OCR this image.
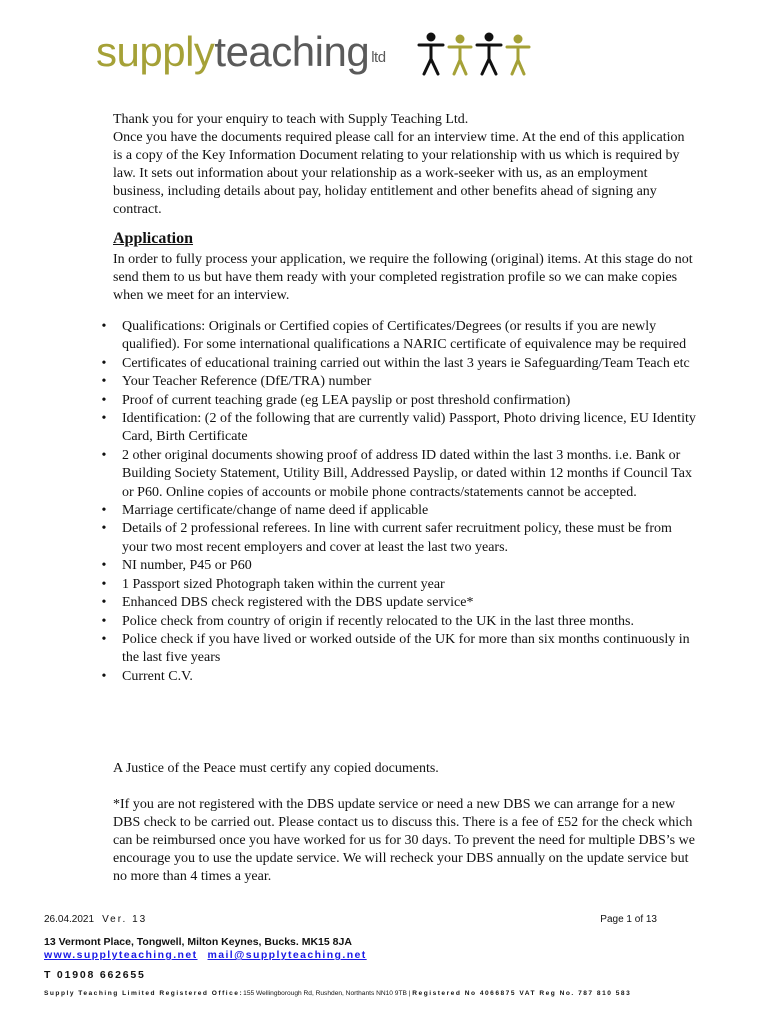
supplyteaching $^{ltd}$

Thank you for your enquiry to teach with Supply Teaching Ltd.

Once you have the documents required please call for an interview time. At the end of this application is a copy of the Key Information Document relating to your relationship with us which is required by law. It sets out information about your relationship as a work-seeker with us, as an employment business, including details about pay, holiday entitlement and other benefits ahead of signing any contract.

Application
In order to fully process your application, we require the following (original) items. At this stage do not send them to us but have them ready with your completed registration profile so we can make copies when we meet for an interview.
• Qualifications: Originals or Certified copies of Certificates/Degrees (or results if you are newly qualified). For some international qualifications a NARIC certificate of equivalence may be required
• Certificates of educational training carried out within the last 3 years ie Safeguarding/Team Teach etc
• Your Teacher Reference (DfE/TRA) number
• Proof of current teaching grade (eg LEA payslip or post threshold confirmation)
• Identification: (2 of the following that are currently valid) Passport, Photo driving licence, EU Identity Card, Birth Certificate
• 2 other original documents showing proof of address ID dated within the last 3 months. i.e. Bank or Building Society Statement, Utility Bill, Addressed Payslip, or dated within 12 months if Council Tax or P60. Online copies of accounts or mobile phone contracts/statements cannot be accepted.
• Marriage certificate/change of name deed if applicable
• Details of 2 professional referees. In line with current safer recruitment policy, these must be from your two most recent employers and cover at least the last two years.
• NI number, P45 or P60
• 1 Passport sized Photograph taken within the current year
• Enhanced DBS check registered with the DBS update service*
• Police check from country of origin if recently relocated to the UK in the last three months.
• Police check if you have lived or worked outside of the UK for more than six months continuously in the last five years
• Current C.V.
A Justice of the Peace must certify any copied documents.
*If you are not registered with the DBS update service or need a new DBS we can arrange for a new DBS check to be carried out. Please contact us to discuss this. There is a fee of £52 for the check which can be reimbursed once you have worked for us for 30 days. To prevent the need for multiple DBS’s we encourage you to use the update service. We will recheck your DBS annually on the update service but no more than 4 times a year.
26.04.2021 Ver. 13	Page 1 of 13
13 Vermont Place, Tongwell, Milton Keynes, Bucks. MK15 8JA
www.supplyteaching.net mail@supplyteaching.net
T 01908 662655
Supply Teaching Limited Registered Office:155 Wellingborough Rd, Rushden, Northants NN10 9TB | Registered No 4066875 VAT Reg No. 787 810 583
